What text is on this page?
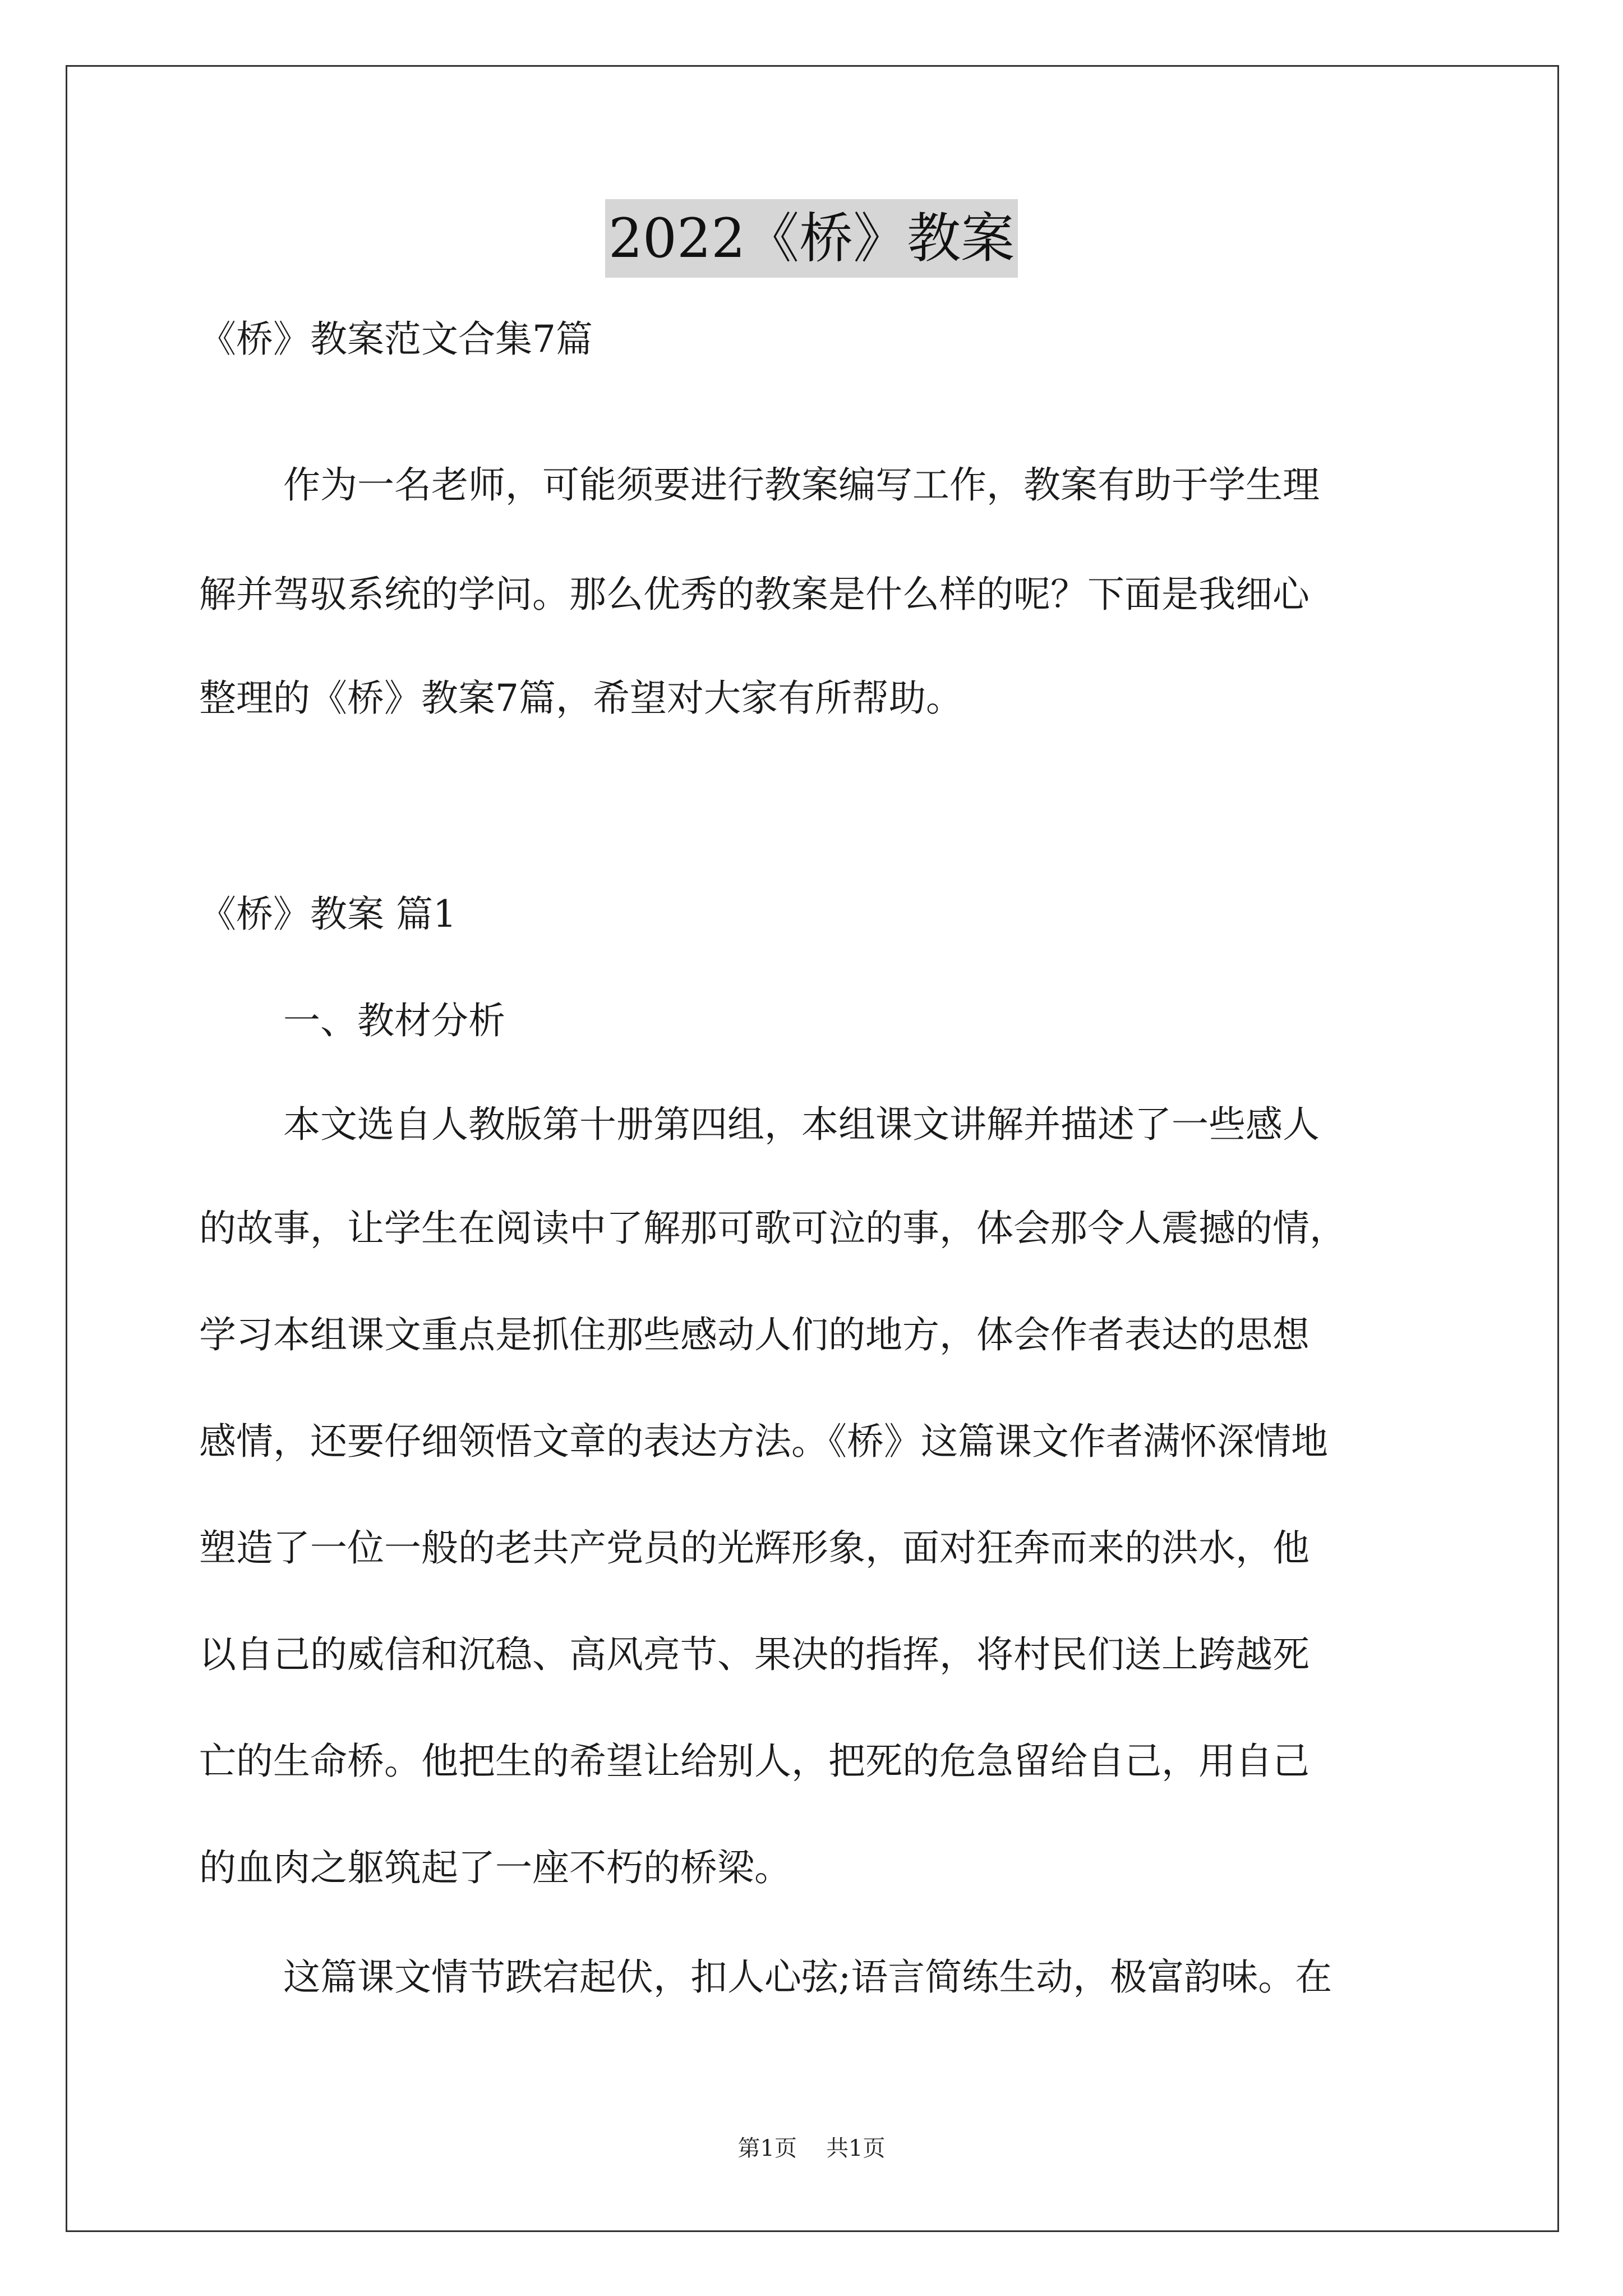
2022《桥》教案
《桥》教案范文合集7篇
作为一名老师，可能须要进行教案编写工作，教案有助于学生理
解并驾驭系统的学问。那么优秀的教案是什么样的呢？下面是我细心
整理的《桥》教案7篇，希望对大家有所帮助。
《桥》教案 篇1
一、教材分析
本文选自人教版第十册第四组，本组课文讲解并描述了一些感人
的故事，让学生在阅读中了解那可歌可泣的事，体会那令人震撼的情，
学习本组课文重点是抓住那些感动人们的地方，体会作者表达的思想
感情，还要仔细领悟文章的表达方法。《桥》这篇课文作者满怀深情地
塑造了一位一般的老共产党员的光辉形象，面对狂奔而来的洪水，他
以自己的威信和沉稳、高风亮节、果决的指挥，将村民们送上跨越死
亡的生命桥。他把生的希望让给别人，把死的危急留给自己，用自己
的血肉之躯筑起了一座不朽的桥梁。
这篇课文情节跌宕起伏，扣人心弦;语言简练生动，极富韵味。在
第1页 共1页
